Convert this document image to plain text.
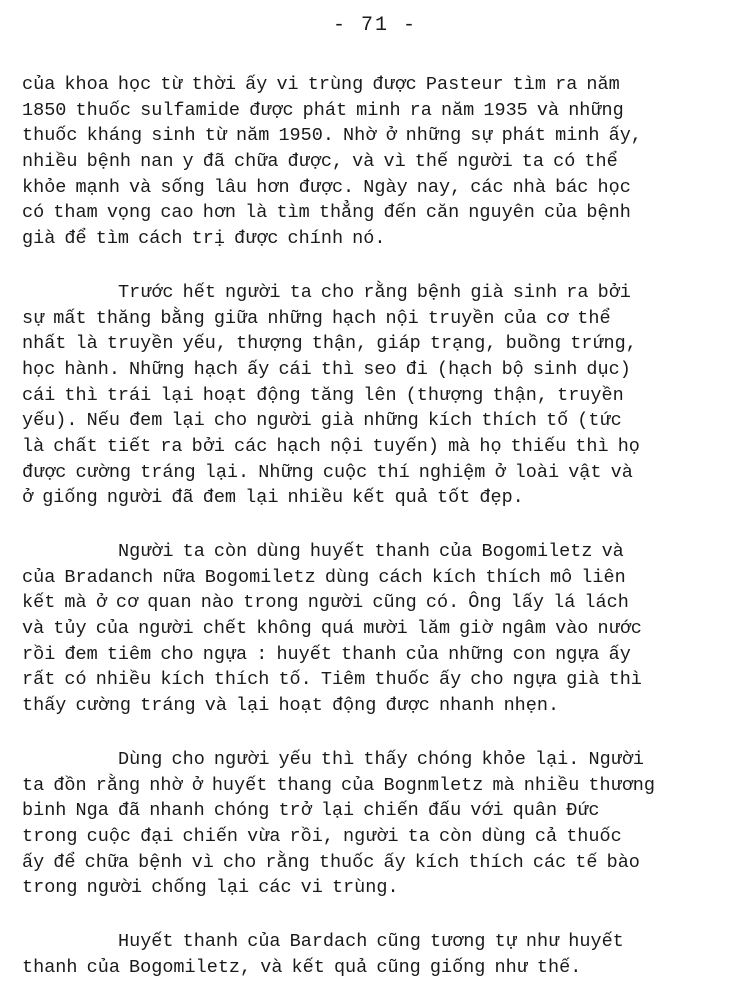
- 71 -
của khoa học từ thời ấy vi trùng được Pasteur tìm ra năm
1850 thuốc sulfamide được phát minh ra năm 1935 và những
thuốc kháng sinh từ năm 1950. Nhờ ở những sự phát minh ấy,
nhiều bệnh nan y đã chữa được, và vì thế người ta có thể
khỏe mạnh và sống lâu hơn được. Ngày nay, các nhà bác học
có tham vọng cao hơn là tìm thẳng đến căn nguyên của bệnh
già để tìm cách trị được chính nó.
Trước hết người ta cho rằng bệnh già sinh ra bởi
sự mất thăng bằng giữa những hạch nội truyền của cơ thể
nhất là truyền yếu, thượng thận, giáp trạng, buồng trứng,
học hành. Những hạch ấy cái thì seo đi (hạch bộ sinh dục)
cái thì trái lại hoạt động tăng lên (thượng thận, truyền
yếu). Nếu đem lại cho người già những kích thích tố (tức
là chất tiết ra bởi các hạch nội tuyến) mà họ thiếu thì họ
được cường tráng lại. Những cuộc thí nghiệm ở loài vật và
ở giống người đã đem lại nhiều kết quả tốt đẹp.
Người ta còn dùng huyết thanh của Bogomiletz và
của Bradanch nữa Bogomiletz dùng cách kích thích mô liên
kết mà ở cơ quan nào trong người cũng có. Ông lấy lá lách
và tủy của người chết không quá mười lăm giờ ngâm vào nước
rồi đem tiêm cho ngựa : huyết thanh của những con ngựa ấy
rất có nhiều kích thích tố. Tiêm thuốc ấy cho ngựa già thì
thấy cường tráng và lại hoạt động được nhanh nhẹn.
Dùng cho người yếu thì thấy chóng khỏe lại. Người
ta đồn rằng nhờ ở huyết thang của Bognmletz mà nhiều thương
binh Nga đã nhanh chóng trở lại chiến đấu với quân Đức
trong cuộc đại chiến vừa rồi, người ta còn dùng cả thuốc
ấy để chữa bệnh vì cho rằng thuốc ấy kích thích các tế bào
trong người chống lại các vi trùng.
Huyết thanh của Bardach cũng tương tự như huyết
thanh của Bogomiletz, và kết quả cũng giống như thế.
